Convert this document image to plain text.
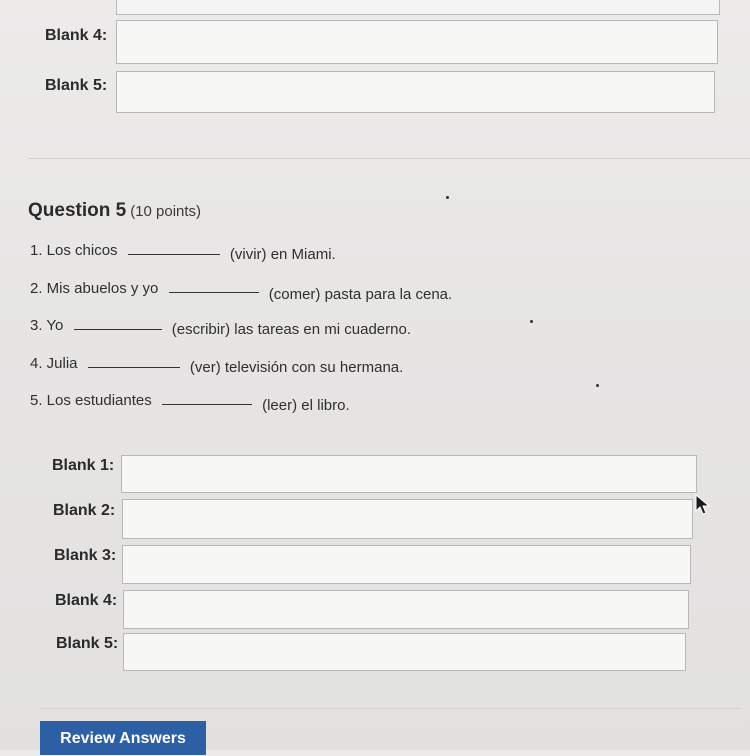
Blank 4:
Blank 5:
Question 5 (10 points)
1. Los chicos	(vivir) en Miami.
2. Mis abuelos y yo	(comer) pasta para la cena.
3. Yo	(escribir) las tareas en mi cuaderno.
4. Julia	(ver) televisión con su hermana.
5. Los estudiantes	(leer) el libro.
Blank 1:
Blank 2:
Blank 3:
Blank 4:
Blank 5:
Review Answers
